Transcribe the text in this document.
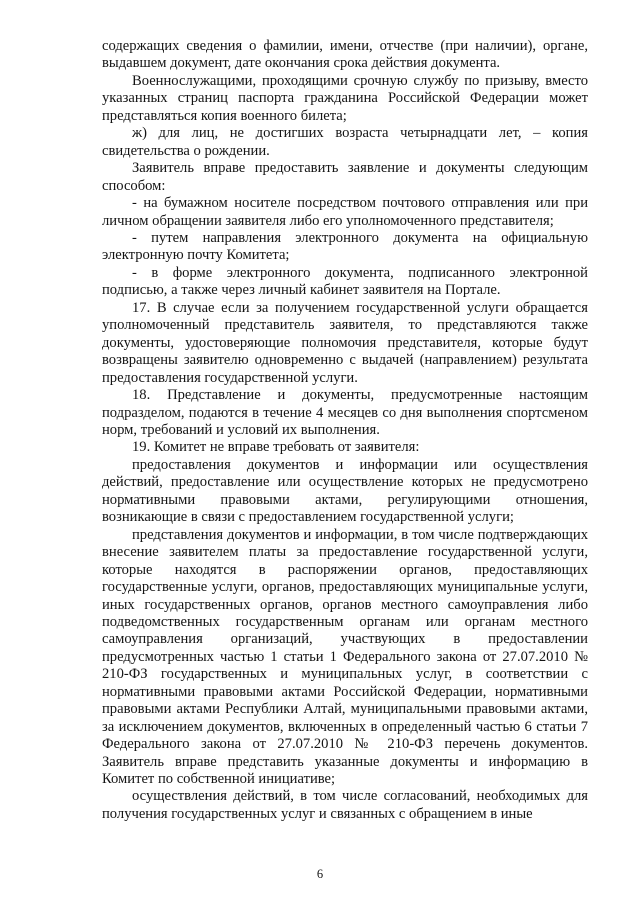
содержащих сведения о фамилии, имени, отчестве (при наличии), органе, выдавшем документ, дате окончания срока действия документа.

Военнослужащими, проходящими срочную службу по призыву, вместо указанных страниц паспорта гражданина Российской Федерации может представляться копия военного билета;

ж) для лиц, не достигших возраста четырнадцати лет, – копия свидетельства о рождении.

Заявитель вправе предоставить заявление и документы следующим способом:

- на бумажном носителе посредством почтового отправления или при личном обращении заявителя либо его уполномоченного представителя;

- путем направления электронного документа на официальную электронную почту Комитета;

- в форме электронного документа, подписанного электронной подписью, а также через личный кабинет заявителя на Портале.

17. В случае если за получением государственной услуги обращается уполномоченный представитель заявителя, то представляются также документы, удостоверяющие полномочия представителя, которые будут возвращены заявителю одновременно с выдачей (направлением) результата предоставления государственной услуги.

18. Представление и документы, предусмотренные настоящим подразделом, подаются в течение 4 месяцев со дня выполнения спортсменом норм, требований и условий их выполнения.

19. Комитет не вправе требовать от заявителя:

предоставления документов и информации или осуществления действий, предоставление или осуществление которых не предусмотрено нормативными правовыми актами, регулирующими отношения, возникающие в связи с предоставлением государственной услуги;

представления документов и информации, в том числе подтверждающих внесение заявителем платы за предоставление государственной услуги, которые находятся в распоряжении органов, предоставляющих государственные услуги, органов, предоставляющих муниципальные услуги, иных государственных органов, органов местного самоуправления либо подведомственных государственным органам или органам местного самоуправления организаций, участвующих в предоставлении предусмотренных частью 1 статьи 1 Федерального закона от 27.07.2010 № 210-ФЗ государственных и муниципальных услуг, в соответствии с нормативными правовыми актами Российской Федерации, нормативными правовыми актами Республики Алтай, муниципальными правовыми актами, за исключением документов, включенных в определенный частью 6 статьи 7 Федерального закона от 27.07.2010 № 210-ФЗ перечень документов. Заявитель вправе представить указанные документы и информацию в Комитет по собственной инициативе;

осуществления действий, в том числе согласований, необходимых для получения государственных услуг и связанных с обращением в иные

6
